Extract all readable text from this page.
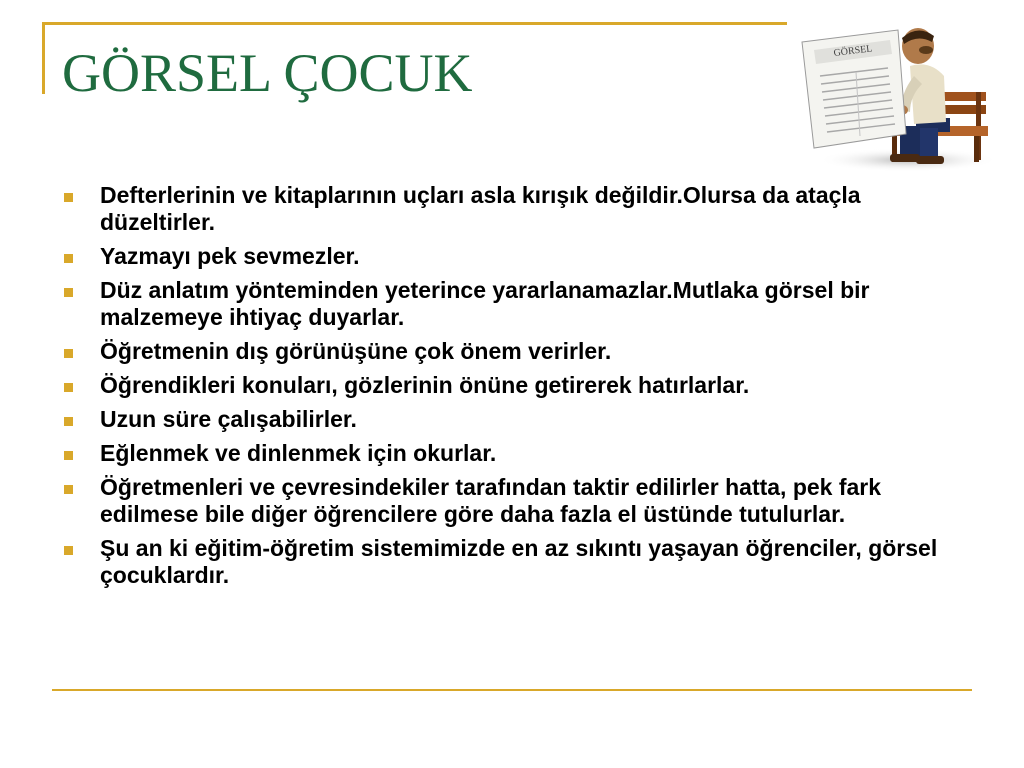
GÖRSEL ÇOCUK	GÖRSEL
Defterlerinin ve kitaplarının uçları asla kırışık değildir.Olursa da ataçla düzeltirler.
Yazmayı pek sevmezler.
Düz anlatım yönteminden yeterince yararlanamazlar.Mutlaka görsel bir malzemeye ihtiyaç duyarlar.
Öğretmenin dış görünüşüne çok önem verirler.
Öğrendikleri konuları, gözlerinin önüne getirerek hatırlarlar.
Uzun süre çalışabilirler.
Eğlenmek ve dinlenmek için okurlar.
Öğretmenleri ve çevresindekiler tarafından taktir edilirler hatta, pek fark edilmese bile diğer öğrencilere göre daha fazla el üstünde tutulurlar.
Şu an ki eğitim-öğretim sistemimizde en az sıkıntı yaşayan öğrenciler, görsel çocuklardır.
